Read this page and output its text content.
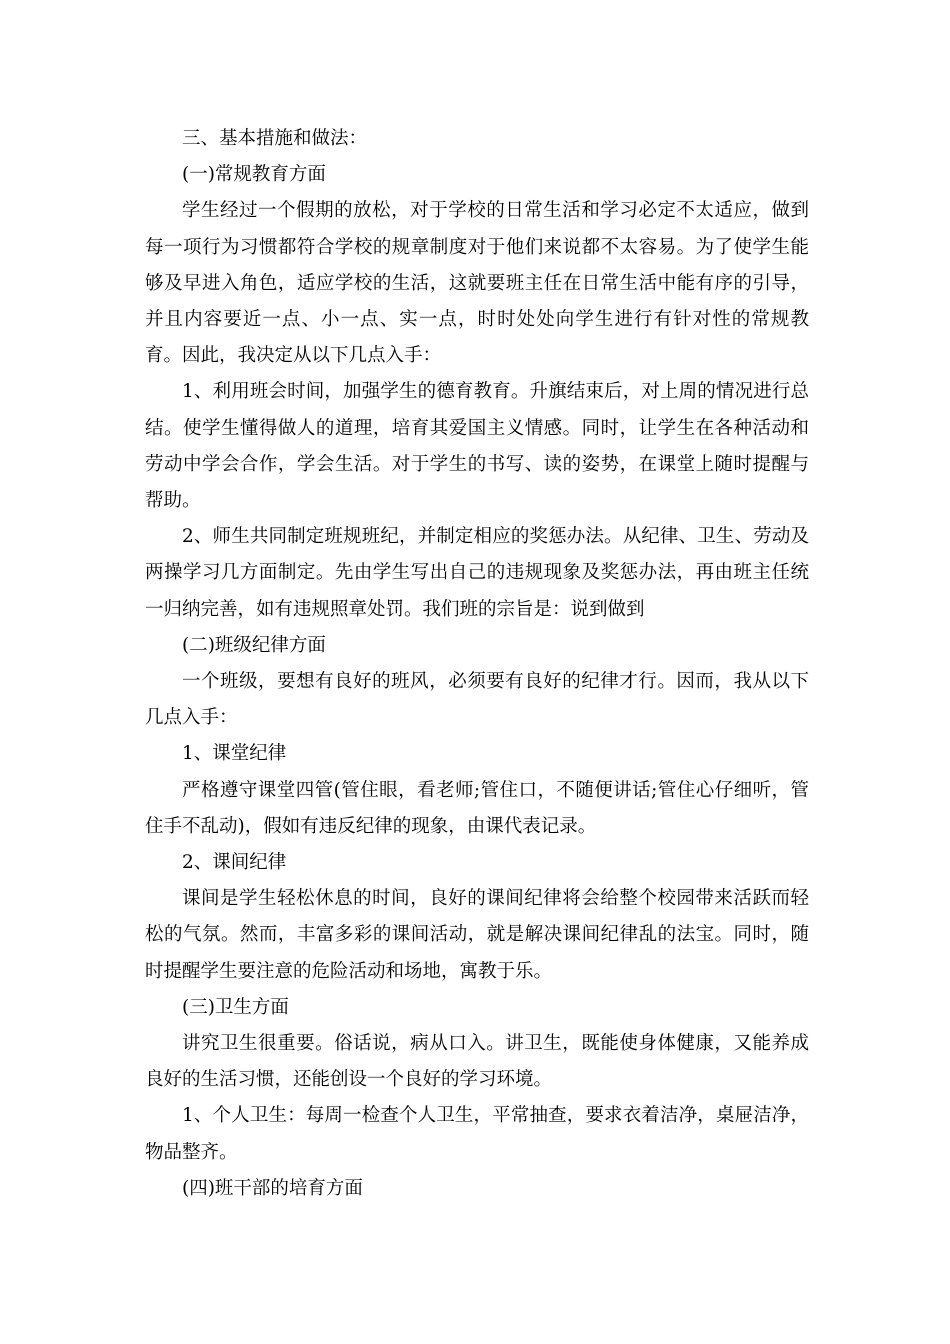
三、基本措施和做法：

(一)常规教育方面

学生经过一个假期的放松，对于学校的日常生活和学习必定不太适应，做到每一项行为习惯都符合学校的规章制度对于他们来说都不太容易。为了使学生能够及早进入角色，适应学校的生活，这就要班主任在日常生活中能有序的引导，并且内容要近一点、小一点、实一点，时时处处向学生进行有针对性的常规教育。因此，我决定从以下几点入手：

1、利用班会时间，加强学生的德育教育。升旗结束后，对上周的情况进行总结。使学生懂得做人的道理，培育其爱国主义情感。同时，让学生在各种活动和劳动中学会合作，学会生活。对于学生的书写、读的姿势，在课堂上随时提醒与帮助。

2、师生共同制定班规班纪，并制定相应的奖惩办法。从纪律、卫生、劳动及两操学习几方面制定。先由学生写出自己的违规现象及奖惩办法，再由班主任统一归纳完善，如有违规照章处罚。我们班的宗旨是：说到做到

(二)班级纪律方面

一个班级，要想有良好的班风，必须要有良好的纪律才行。因而，我从以下几点入手：

1、课堂纪律

严格遵守课堂四管(管住眼，看老师;管住口，不随便讲话;管住心仔细听，管住手不乱动)，假如有违反纪律的现象，由课代表记录。

2、课间纪律

课间是学生轻松休息的时间，良好的课间纪律将会给整个校园带来活跃而轻松的气氛。然而，丰富多彩的课间活动，就是解决课间纪律乱的法宝。同时，随时提醒学生要注意的危险活动和场地，寓教于乐。

(三)卫生方面

讲究卫生很重要。俗话说，病从口入。讲卫生，既能使身体健康，又能养成良好的生活习惯，还能创设一个良好的学习环境。

1、个人卫生：每周一检查个人卫生，平常抽查，要求衣着洁净，桌屉洁净，物品整齐。

(四)班干部的培育方面
